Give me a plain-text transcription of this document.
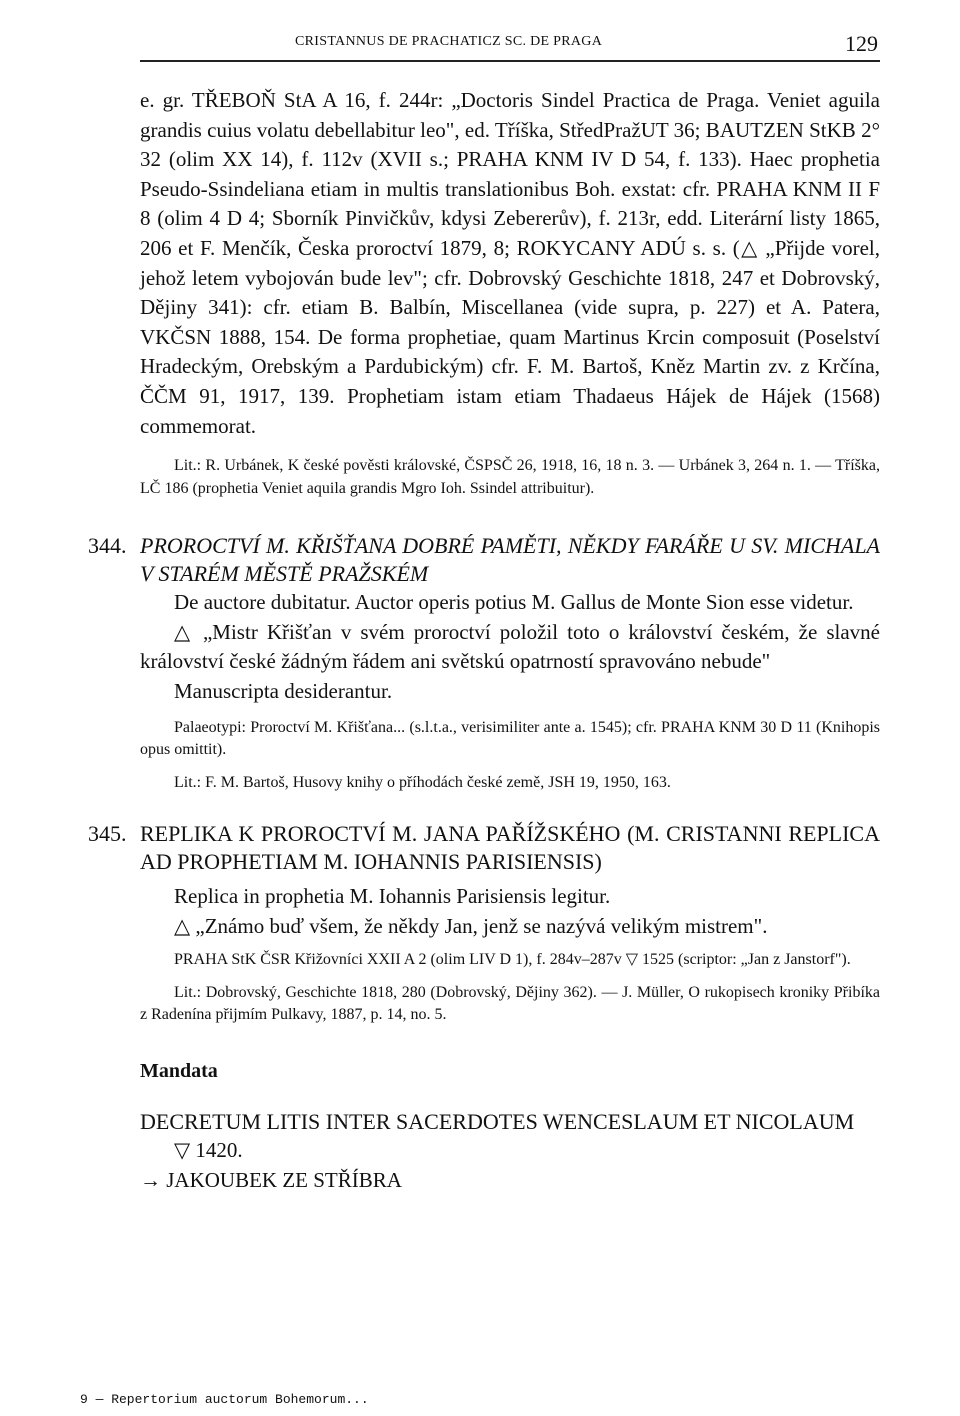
CRISTANNUS DE PRACHATICZ SC. DE PRAGA	129

e. gr. TŘEBOŇ StA A 16, f. 244r: „Doctoris Sindel Practica de Praga. Veniet aguila grandis cuius volatu debellabitur leo", ed. Tříška, StředPražUT 36; BAUTZEN StKB 2° 32 (olim XX 14), f. 112v (XVII s.; PRAHA KNM IV D 54, f. 133). Haec prophetia Pseudo-Ssindeliana etiam in multis translationibus Boh. exstat: cfr. PRAHA KNM II F 8 (olim 4 D 4; Sborník Pinvičkův, kdysi Zebererův), f. 213r, edd. Literární listy 1865, 206 et F. Menčík, Česka proroctví 1879, 8; ROKYCANY ADÚ s. s. (△ „Přijde vorel, jehož letem vybojován bude lev"; cfr. Dobrovský Geschichte 1818, 247 et Dobrovský, Dějiny 341): cfr. etiam B. Balbín, Miscellanea (vide supra, p. 227) et A. Patera, VKČSN 1888, 154. De forma prophetiae, quam Martinus Krcin composuit (Poselství Hradeckým, Orebským a Pardubickým) cfr. F. M. Bartoš, Kněz Martin zv. z Krčína, ČČM 91, 1917, 139. Prophetiam istam etiam Thadaeus Hájek de Hájek (1568) commemorat.

Lit.: R. Urbánek, K české pověsti královské, ČSPSČ 26, 1918, 16, 18 n. 3. — Urbánek 3, 264 n. 1. — Tříška, LČ 186 (prophetia Veniet aquila grandis Mgro Ioh. Ssindel attribuitur).

344. PROROCTVÍ M. KŘIŠŤANA DOBRÉ PAMĚTI, NĚKDY FARÁŘE U SV. MICHALA V STARÉM MĚSTĚ PRAŽSKÉM

De auctore dubitatur. Auctor operis potius M. Gallus de Monte Sion esse videtur.

△ „Mistr Křišťan v svém proroctví položil toto o království českém, že slavné království české žádným řádem ani světskú opatrností spravováno nebude"

Manuscripta desiderantur.

Palaeotypi: Proroctví M. Křišťana... (s.l.t.a., verisimiliter ante a. 1545); cfr. PRAHA KNM 30 D 11 (Knihopis opus omittit).

Lit.: F. M. Bartoš, Husovy knihy o příhodách české země, JSH 19, 1950, 163.

345. REPLIKA K PROROCTVÍ M. JANA PAŘÍŽSKÉHO (M. CRISTANNI REPLICA AD PROPHETIAM M. IOHANNIS PARISIENSIS)

Replica in prophetia M. Iohannis Parisiensis legitur.

△ „Známo buď všem, že někdy Jan, jenž se nazývá velikým mistrem".

PRAHA StK ČSR Křižovníci XXII A 2 (olim LIV D 1), f. 284v–287v ▽ 1525 (scriptor: „Jan z Janstorf").

Lit.: Dobrovský, Geschichte 1818, 280 (Dobrovský, Dějiny 362). — J. Müller, O rukopisech kroniky Přibíka z Radenína přijmím Pulkavy, 1887, p. 14, no. 5.

Mandata

DECRETUM LITIS INTER SACERDOTES WENCESLAUM ET NICOLAUM

▽ 1420.

→ JAKOUBEK ZE STŘÍBRA

9 — Repertorium auctorum Bohemorum...
